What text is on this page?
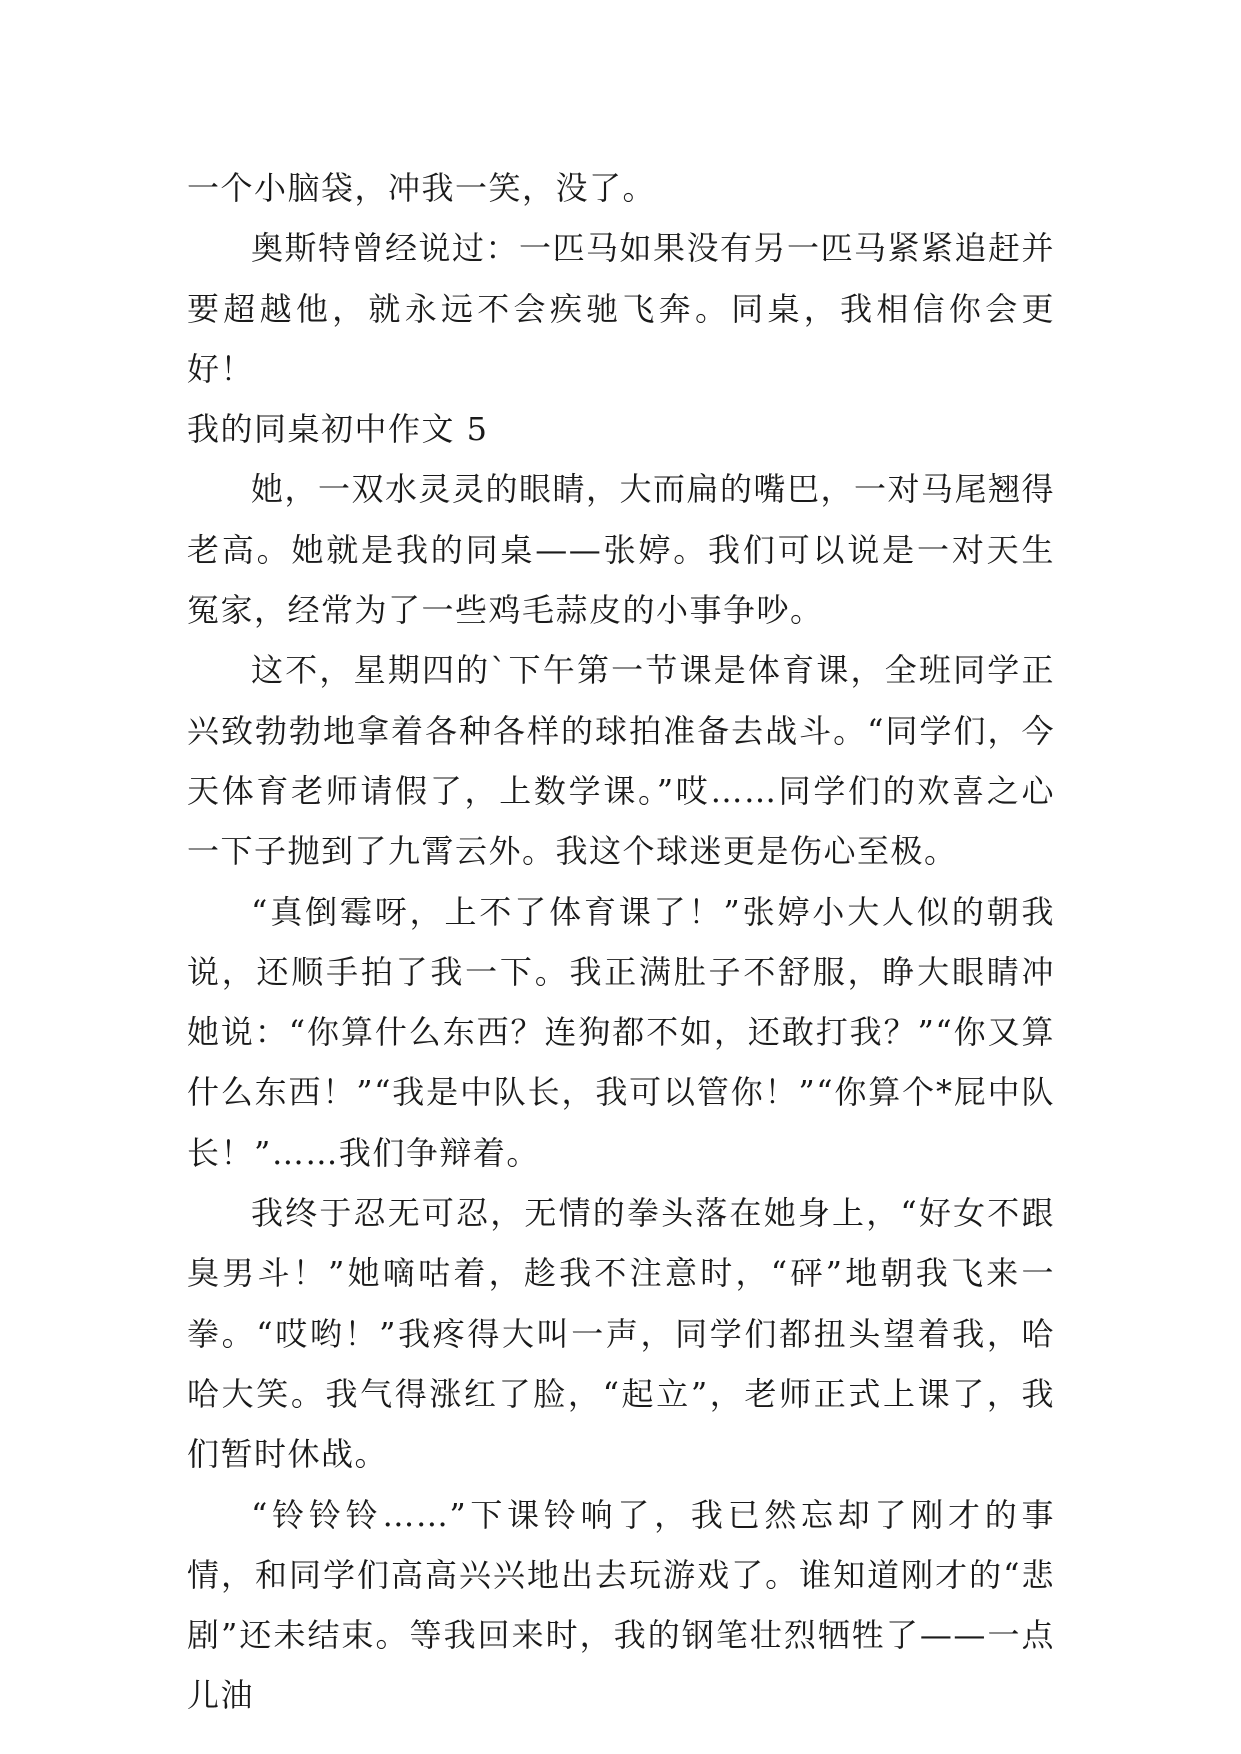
一个小脑袋，冲我一笑，没了。

奥斯特曾经说过：一匹马如果没有另一匹马紧紧追赶并要超越他，就永远不会疾驰飞奔。同桌，我相信你会更好！

我的同桌初中作文 5

她，一双水灵灵的眼睛，大而扁的嘴巴，一对马尾翘得老高。她就是我的同桌——张婷。我们可以说是一对天生冤家，经常为了一些鸡毛蒜皮的小事争吵。

这不，星期四的`下午第一节课是体育课，全班同学正兴致勃勃地拿着各种各样的球拍准备去战斗。“同学们，今天体育老师请假了，上数学课。”哎……同学们的欢喜之心一下子抛到了九霄云外。我这个球迷更是伤心至极。

“真倒霉呀，上不了体育课了！”张婷小大人似的朝我说，还顺手拍了我一下。我正满肚子不舒服，睁大眼睛冲她说：“你算什么东西？连狗都不如，还敢打我？”“你又算什么东西！”“我是中队长，我可以管你！”“你算个*屁中队长！”……我们争辩着。

我终于忍无可忍，无情的拳头落在她身上，“好女不跟臭男斗！”她嘀咕着，趁我不注意时，“砰”地朝我飞来一拳。“哎哟！”我疼得大叫一声，同学们都扭头望着我，哈哈大笑。我气得涨红了脸，“起立”，老师正式上课了，我们暂时休战。

“铃铃铃……”下课铃响了，我已然忘却了刚才的事情，和同学们高高兴兴地出去玩游戏了。谁知道刚才的“悲剧”还未结束。等我回来时，我的钢笔壮烈牺牲了——一点儿油
